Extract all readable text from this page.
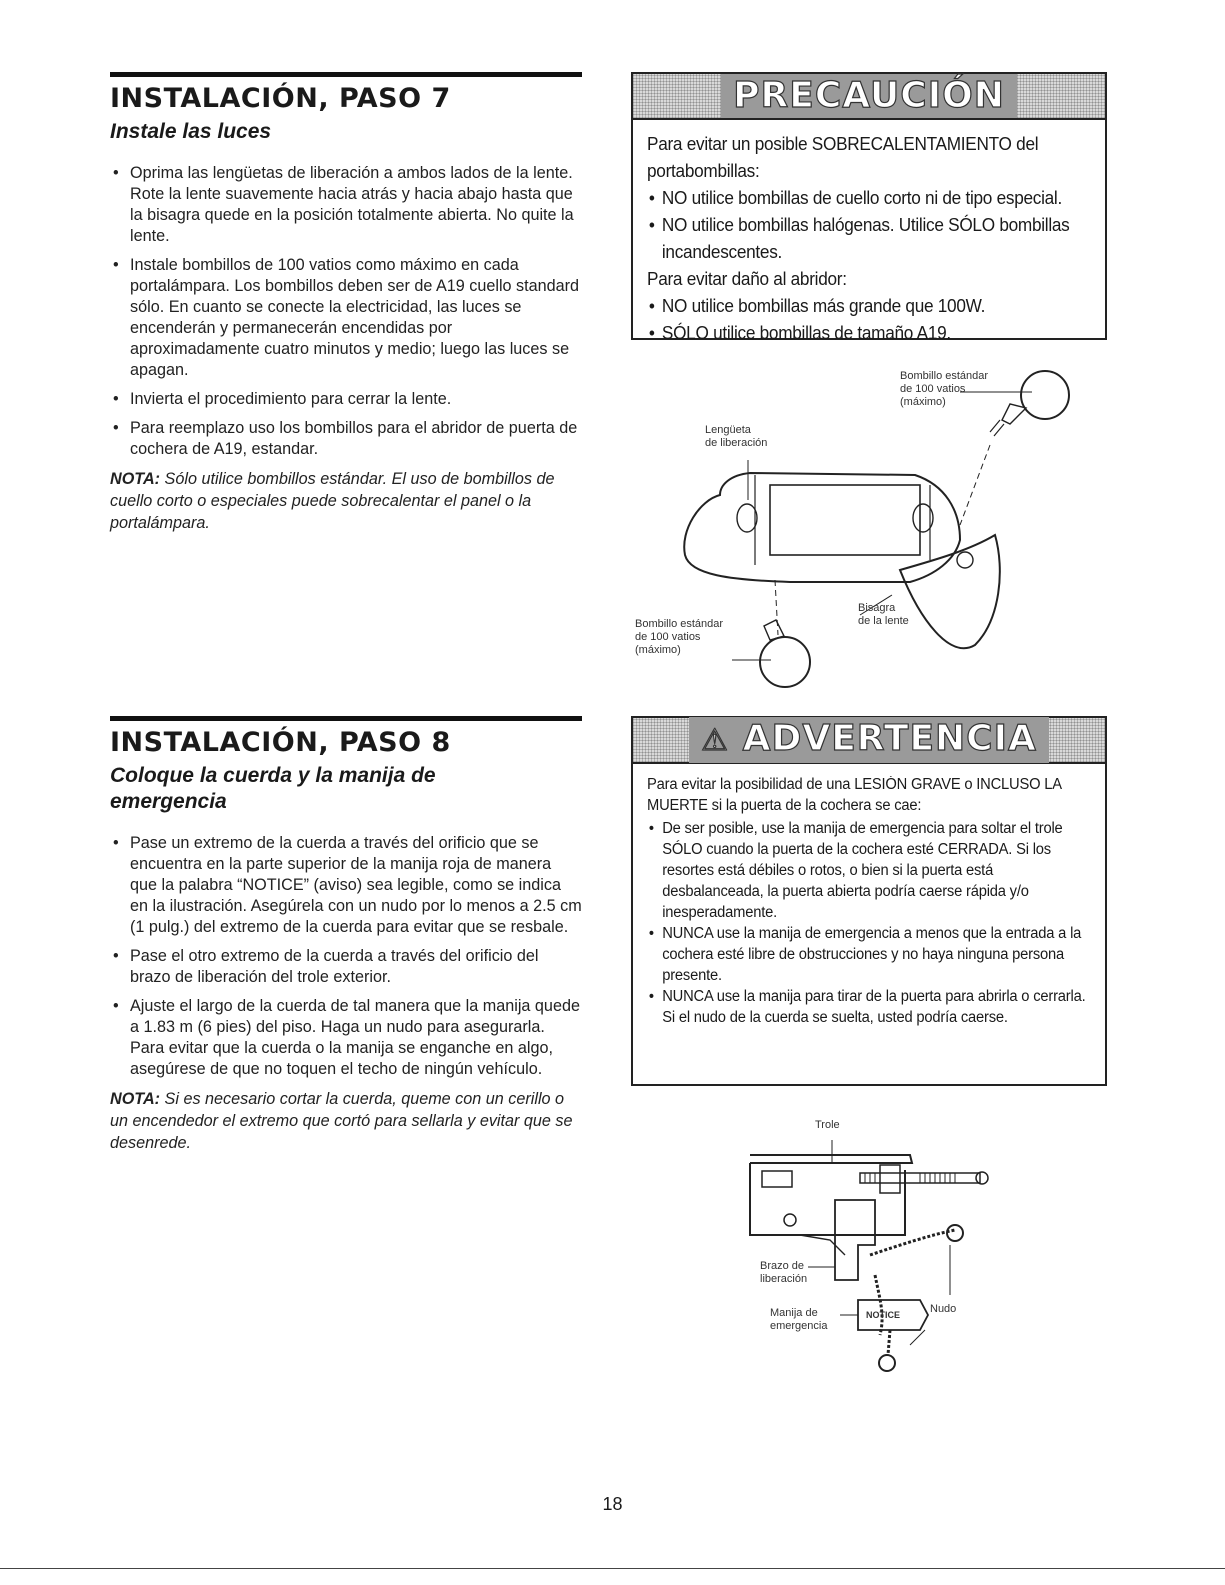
INSTALACIÓN, PASO 7
Instale las luces
• Oprima las lengüetas de liberación a ambos lados de la lente. Rote la lente suavemente hacia atrás y hacia abajo hasta que la bisagra quede en la posición totalmente abierta. No quite la lente.
• Instale bombillos de 100 vatios como máximo en cada portalámpara. Los bombillos deben ser de A19 cuello standard sólo. En cuanto se conecte la electricidad, las luces se encenderán y permanecerán encendidas por aproximadamente cuatro minutos y medio; luego las luces se apagan.
• Invierta el procedimiento para cerrar la lente.
• Para reemplazo uso los bombillos para el abridor de puerta de cochera de A19, estandar.
NOTA: Sólo utilice bombillos estándar. El uso de bombillos de cuello corto o especiales puede sobrecalentar el panel o la portalámpara.
PRECAUCIÓN

Para evitar un posible SOBRECALENTAMIENTO del portabombillas:

• NO utilice bombillas de cuello corto ni de tipo especial.
• NO utilice bombillas halógenas. Utilice SÓLO bombillas incandescentes.

Para evitar daño al abridor:

• NO utilice bombillas más grande que 100W.
• SÓLO utilice bombillas de tamaño A19.
Bombillo estándar
de 100 vatios
(máximo)
Lengüeta
de liberación
Bombillo estándar
de 100 vatios
(máximo)
Bisagra
de la lente
INSTALACIÓN, PASO 8
Coloque la cuerda y la manija de emergencia
• Pase un extremo de la cuerda a través del orificio que se encuentra en la parte superior de la manija roja de manera que la palabra “NOTICE” (aviso) sea legible, como se indica en la ilustración. Asegúrela con un nudo por lo menos a 2.5 cm (1 pulg.) del extremo de la cuerda para evitar que se resbale.
• Pase el otro extremo de la cuerda a través del orificio del brazo de liberación del trole exterior.
• Ajuste el largo de la cuerda de tal manera que la manija quede a 1.83 m (6 pies) del piso. Haga un nudo para asegurarla. Para evitar que la cuerda o la manija se enganche en algo, asegúrese de que no toquen el techo de ningún vehículo.
NOTA: Si es necesario cortar la cuerda, queme con un cerillo o un encendedor el extremo que cortó para sellarla y evitar que se desenrede.
⚠ ADVERTENCIA

Para evitar la posibilidad de una LESIÓN GRAVE o INCLUSO LA MUERTE si la puerta de la cochera se cae:

• De ser posible, use la manija de emergencia para soltar el trole SÓLO cuando la puerta de la cochera esté CERRADA. Si los resortes está débiles o rotos, o bien si la puerta está desbalanceada, la puerta abierta podría caerse rápida y/o inesperadamente.
• NUNCA use la manija de emergencia a menos que la entrada a la cochera esté libre de obstrucciones y no haya ninguna persona presente.
• NUNCA use la manija para tirar de la puerta para abrirla o cerrarla. Si el nudo de la cuerda se suelta, usted podría caerse.
Trole
Brazo de
liberación
Manija de
emergencia
Nudo
NOTICE
18
